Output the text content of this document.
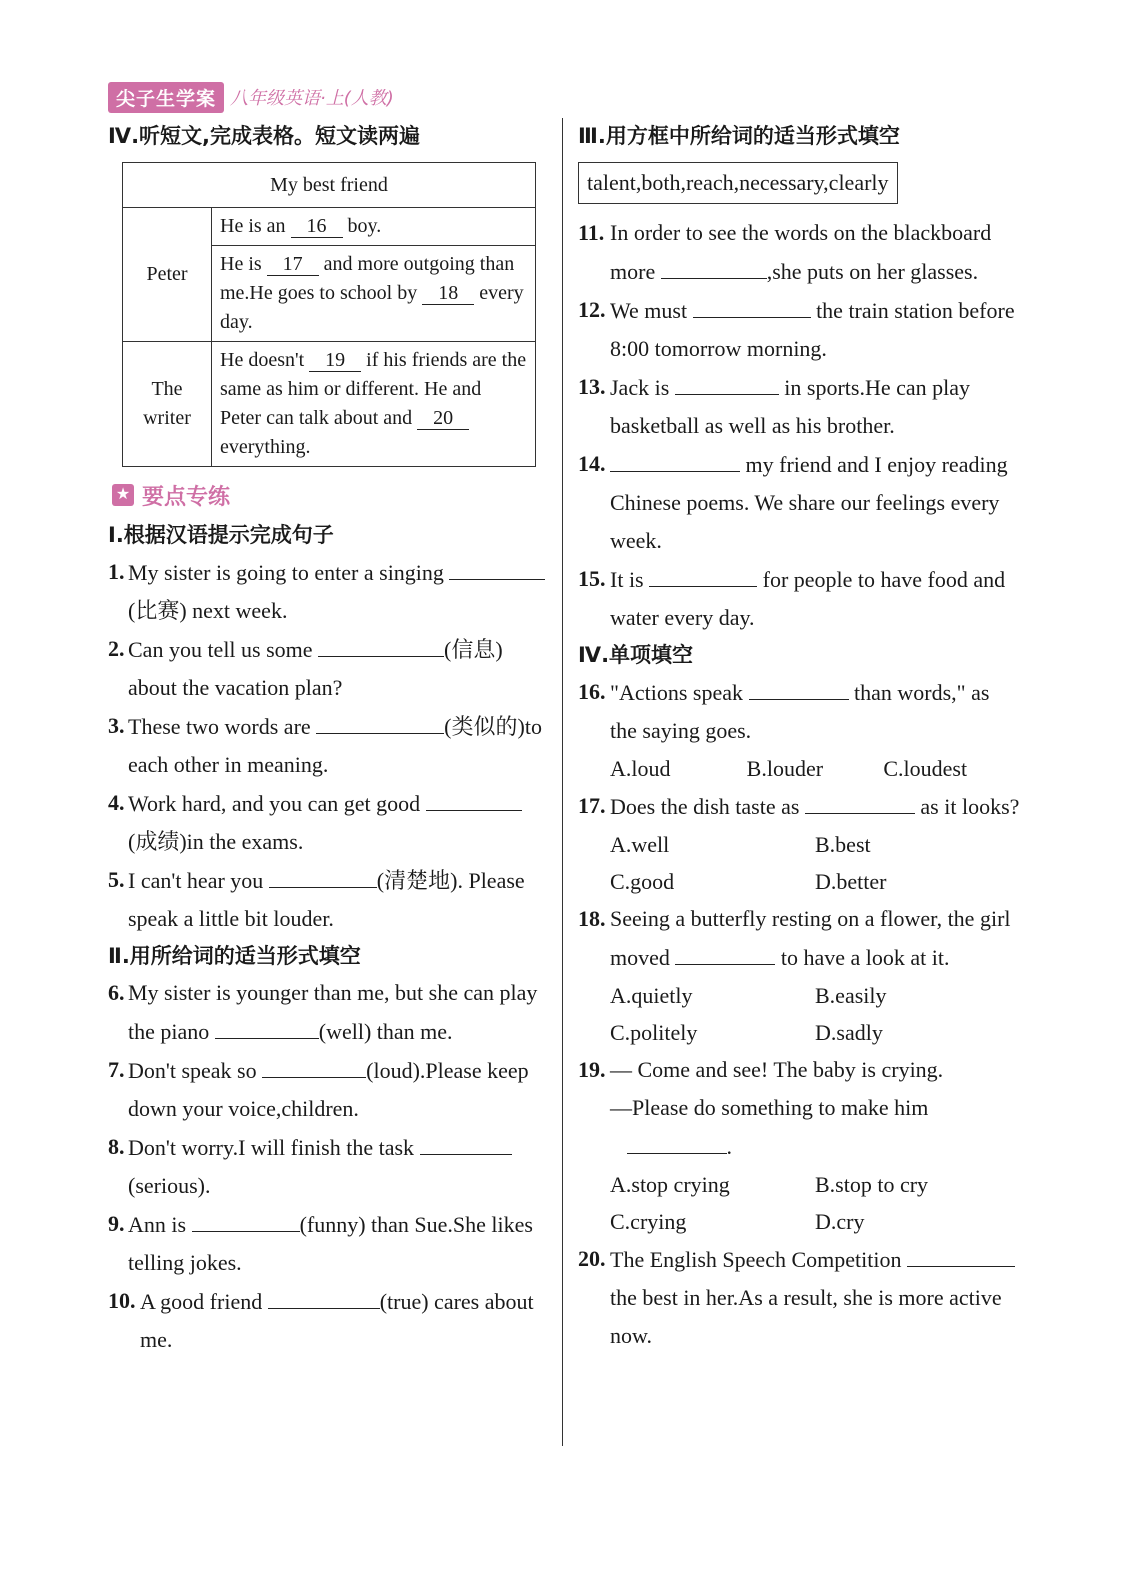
尖子生学案 八年级英语·上(人教)
Ⅳ.听短文,完成表格。短文读两遍
My best friend	
Peter	He is an 16 boy.
	He is 17 and more outgoing than me.He goes to school by 18 every day.
The writer	He doesn't 19 if his friends are the same as him or different. He and Peter can talk about and 20 everything.
★ 要点专练
Ⅰ.根据汉语提示完成句子
1. My sister is going to enter a singing (比赛) next week.
2. Can you tell us some	(信息) about the vacation plan?
3. These two words are	(类似的)to each other in meaning.
4. Work hard, and you can get good (成绩)in the exams.
5. I can't hear you	(清楚地). Please speak a little bit louder.
Ⅱ.用所给词的适当形式填空
6. My sister is younger than me, but she can play the piano	(well) than me.
7. Don't speak so	(loud).Please keep down your voice,children.
8. Don't worry.I will finish the task  (serious).
9. Ann is	(funny) than Sue.She likes telling jokes.
10. A good friend	(true) cares about me.
Ⅲ.用方框中所给词的适当形式填空
talent,both,reach,necessary,clearly
11. In order to see the words on the blackboard more	,she puts on her glasses.
12. We must	the train station before 8:00 tomorrow morning.
13. Jack is	in sports.He can play basketball as well as his brother.
14.	my friend and I enjoy reading Chinese poems. We share our feelings every week.
15. It is	for people to have food and water every day.
Ⅳ.单项填空
16. "Actions speak	than words," as the saying goes.
A.loud	B.louder	C.loudest
17. Does the dish taste as	as it looks?
A.well	B.best
C.good	D.better
18. Seeing a butterfly resting on a flower, the girl moved	to have a look at it.
A.quietly	B.easily
C.politely	D.sadly
19. — Come and see! The baby is crying.
—Please do something to make him
.
A.stop crying	B.stop to cry
C.crying	D.cry
20. The English Speech Competition  the best in her.As a result, she is more active now.
